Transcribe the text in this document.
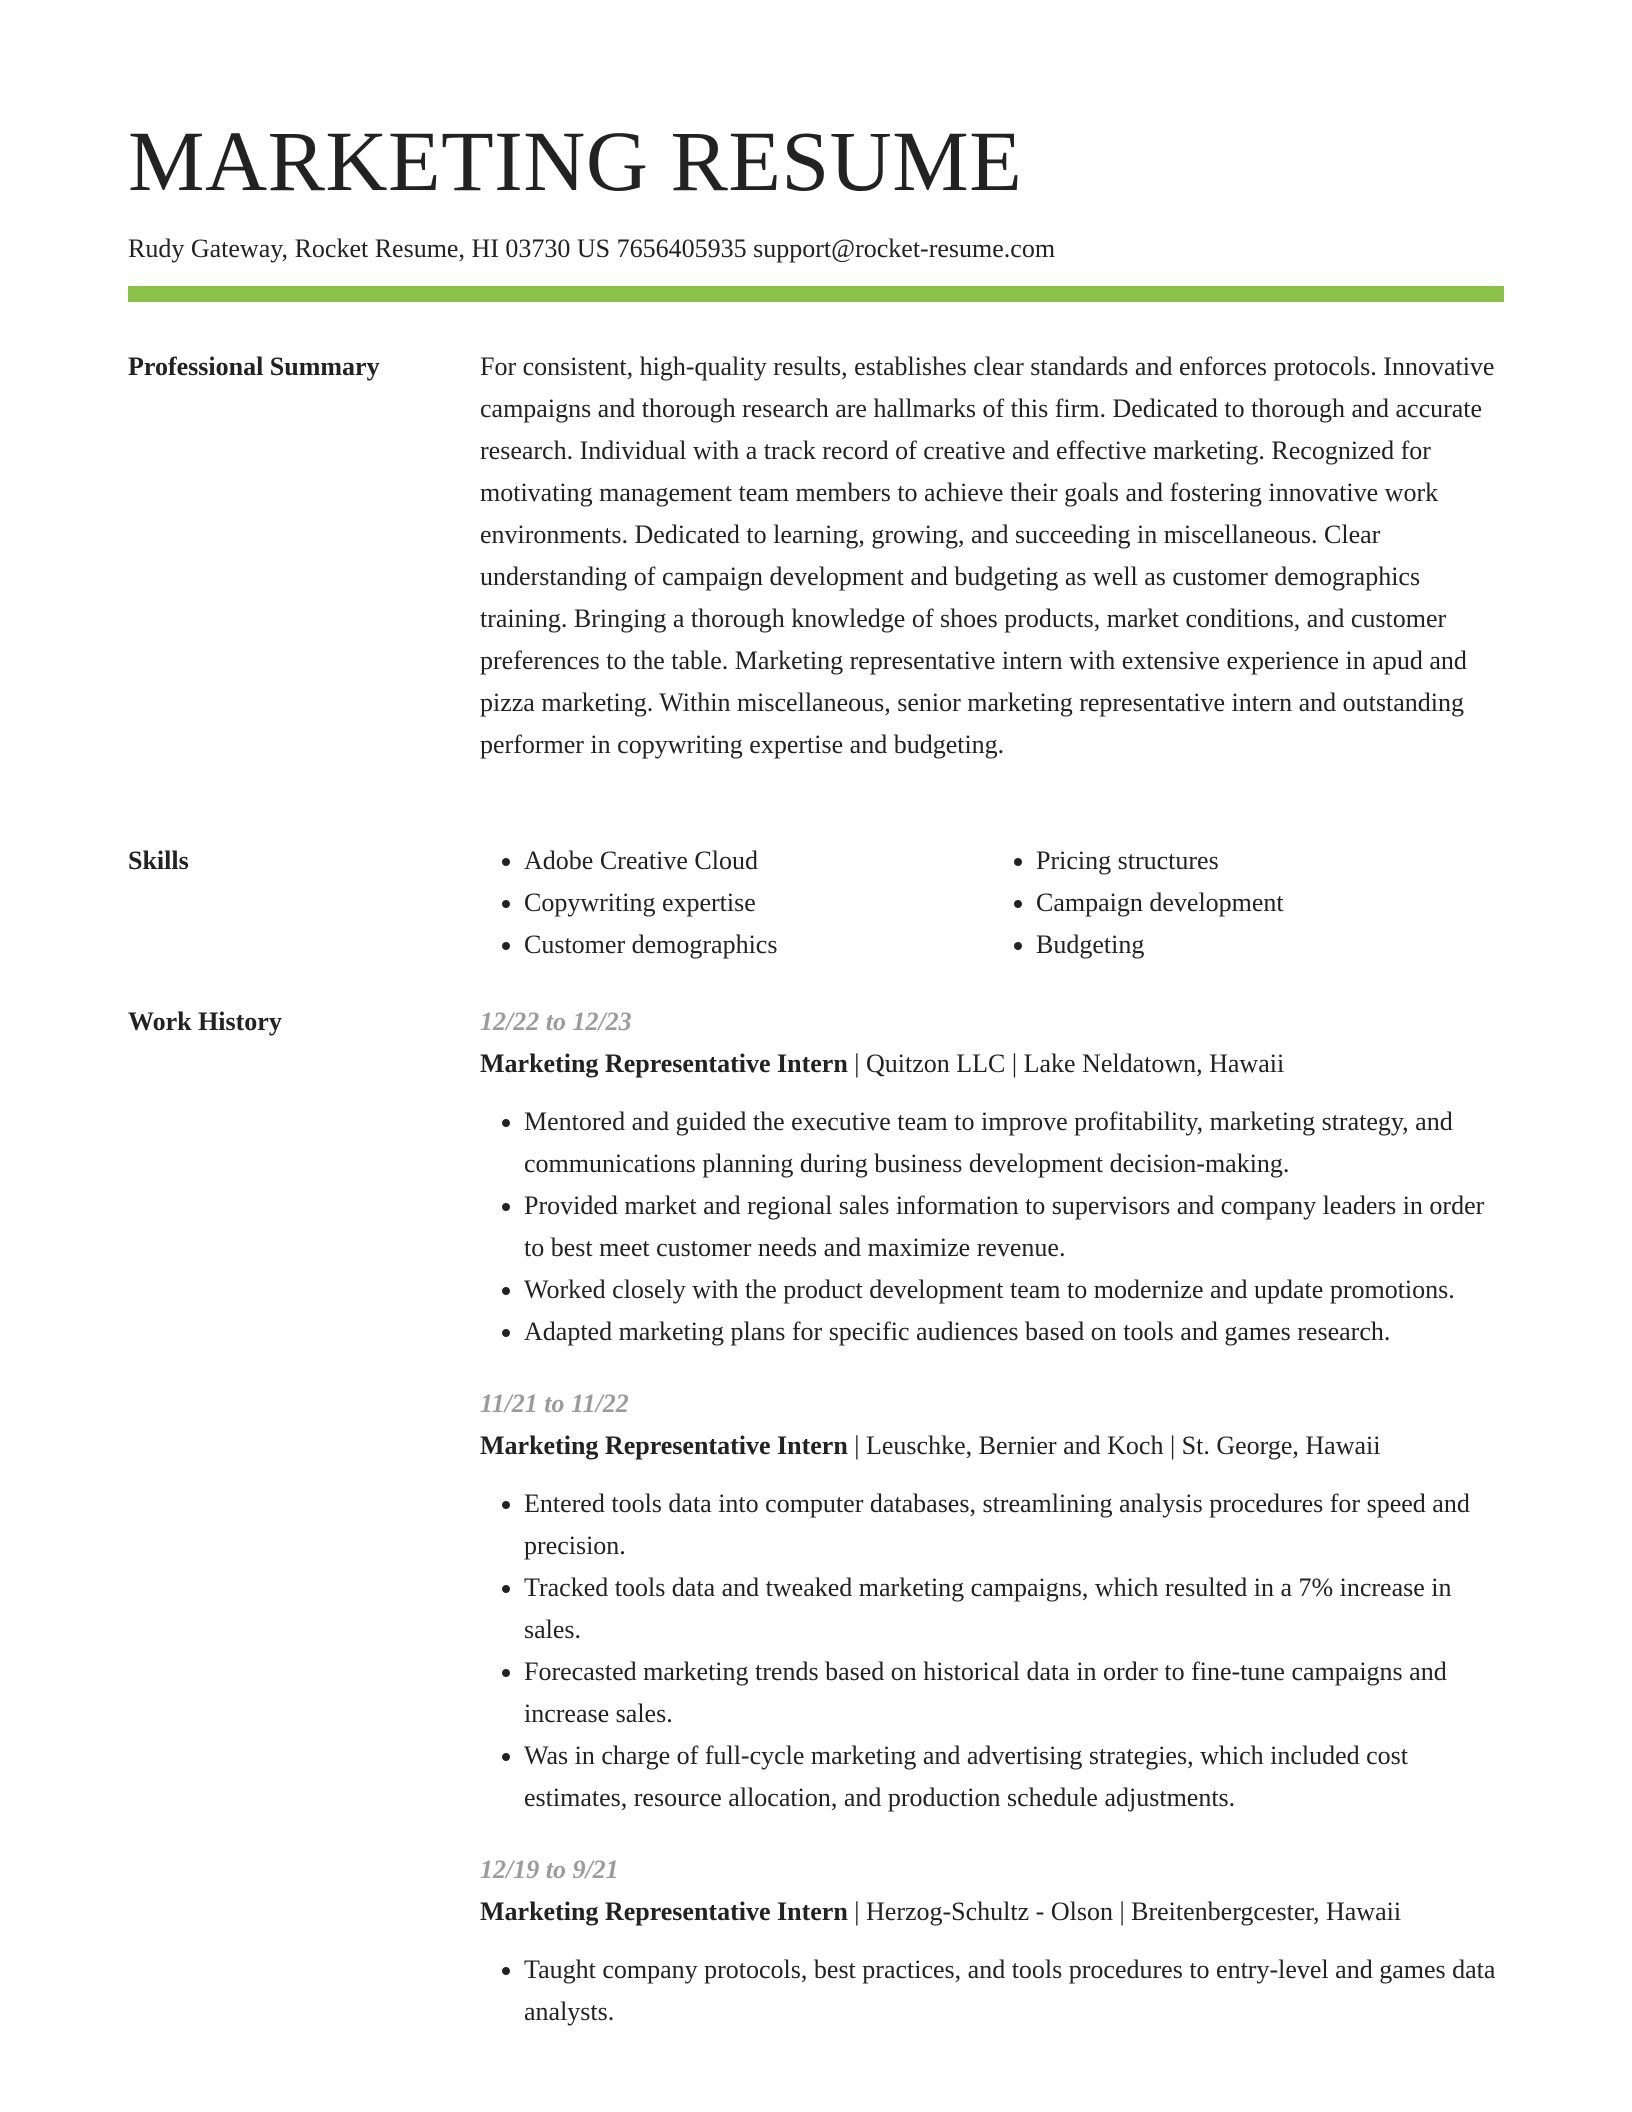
MARKETING RESUME
Rudy Gateway, Rocket Resume, HI 03730 US 7656405935 support@rocket-resume.com
Professional Summary	For consistent, high-quality results, establishes clear standards and enforces protocols. Innovative campaigns and thorough research are hallmarks of this firm. Dedicated to thorough and accurate research. Individual with a track record of creative and effective marketing. Recognized for motivating management team members to achieve their goals and fostering innovative work environments. Dedicated to learning, growing, and succeeding in miscellaneous. Clear understanding of campaign development and budgeting as well as customer demographics training. Bringing a thorough knowledge of shoes products, market conditions, and customer preferences to the table. Marketing representative intern with extensive experience in apud and pizza marketing. Within miscellaneous, senior marketing representative intern and outstanding performer in copywriting expertise and budgeting.

Skills
•	Adobe Creative Cloud
• Copywriting expertise
• Customer demographics
• Pricing structures
• Campaign development
• Budgeting
Work History	12/22 to 12/23
Marketing Representative Intern | Quitzon LLC | Lake Neldatown, Hawaii
• Mentored and guided the executive team to improve profitability, marketing strategy, and communications planning during business development decision-making.
• Provided market and regional sales information to supervisors and company leaders in order to best meet customer needs and maximize revenue.
• Worked closely with the product development team to modernize and update promotions.
• Adapted marketing plans for specific audiences based on tools and games research.
11/21 to 11/22
Marketing Representative Intern | Leuschke, Bernier and Koch | St. George, Hawaii
• Entered tools data into computer databases, streamlining analysis procedures for speed and precision.
• Tracked tools data and tweaked marketing campaigns, which resulted in a 7% increase in sales.
• Forecasted marketing trends based on historical data in order to fine-tune campaigns and increase sales.
• Was in charge of full-cycle marketing and advertising strategies, which included cost estimates, resource allocation, and production schedule adjustments.
12/19 to 9/21
Marketing Representative Intern | Herzog-Schultz - Olson | Breitenbergcester, Hawaii
• Taught company protocols, best practices, and tools procedures to entry-level and games data analysts.
